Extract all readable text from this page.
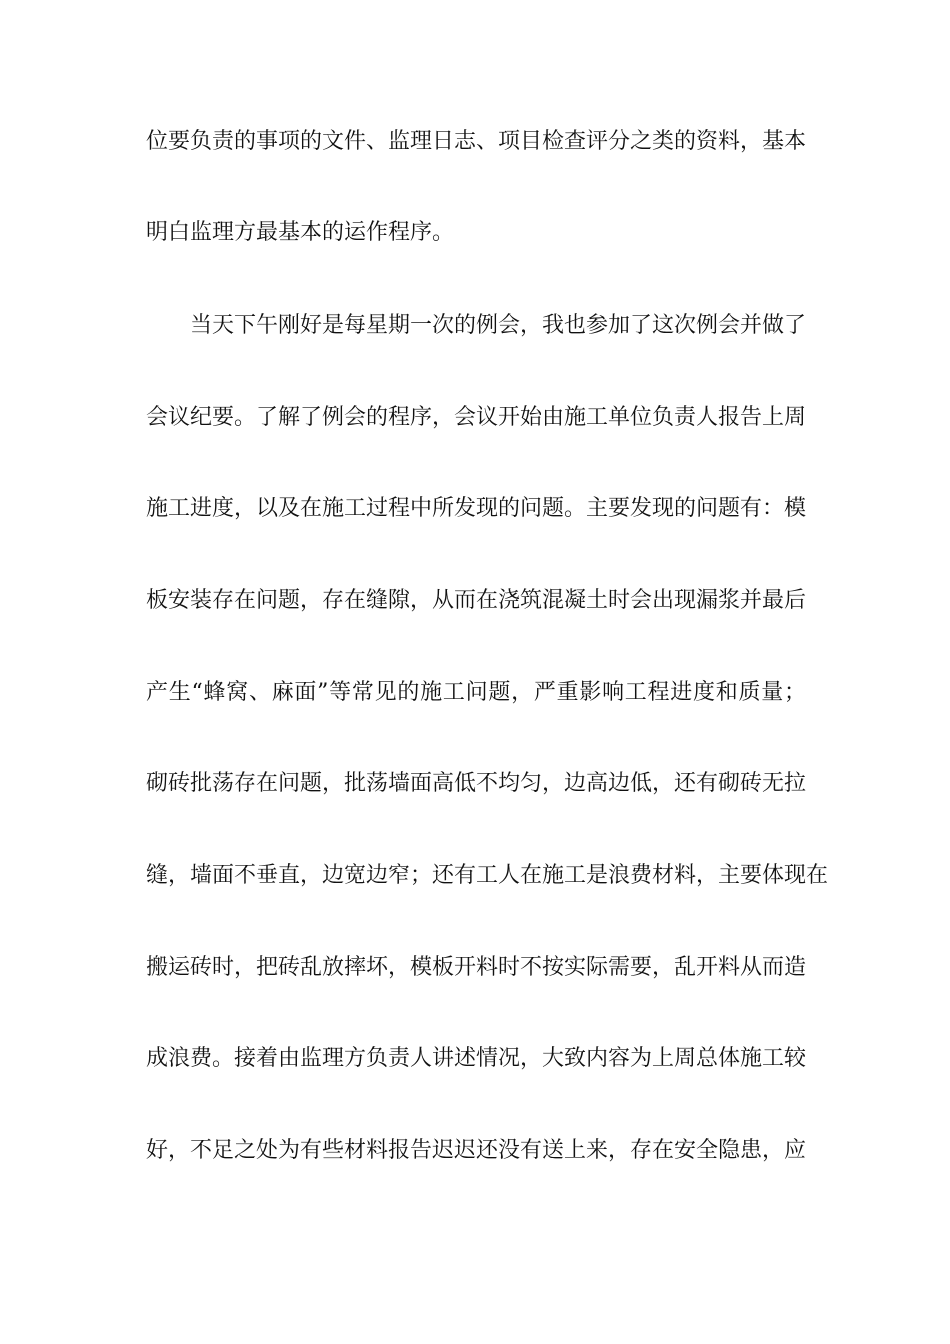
位要负责的事项的文件、监理日志、项目检查评分之类的资料，基本
明白监理方最基本的运作程序。
当天下午刚好是每星期一次的例会，我也参加了这次例会并做了
会议纪要。了解了例会的程序，会议开始由施工单位负责人报告上周
施工进度，以及在施工过程中所发现的问题。主要发现的问题有：模
板安装存在问题，存在缝隙，从而在浇筑混凝土时会出现漏浆并最后
产生“蜂窝、麻面”等常见的施工问题，严重影响工程进度和质量；
砌砖批荡存在问题，批荡墙面高低不均匀，边高边低，还有砌砖无拉
缝，墙面不垂直，边宽边窄；还有工人在施工是浪费材料，主要体现在
搬运砖时，把砖乱放摔坏，模板开料时不按实际需要，乱开料从而造
成浪费。接着由监理方负责人讲述情况，大致内容为上周总体施工较
好，不足之处为有些材料报告迟迟还没有送上来，存在安全隐患，应
